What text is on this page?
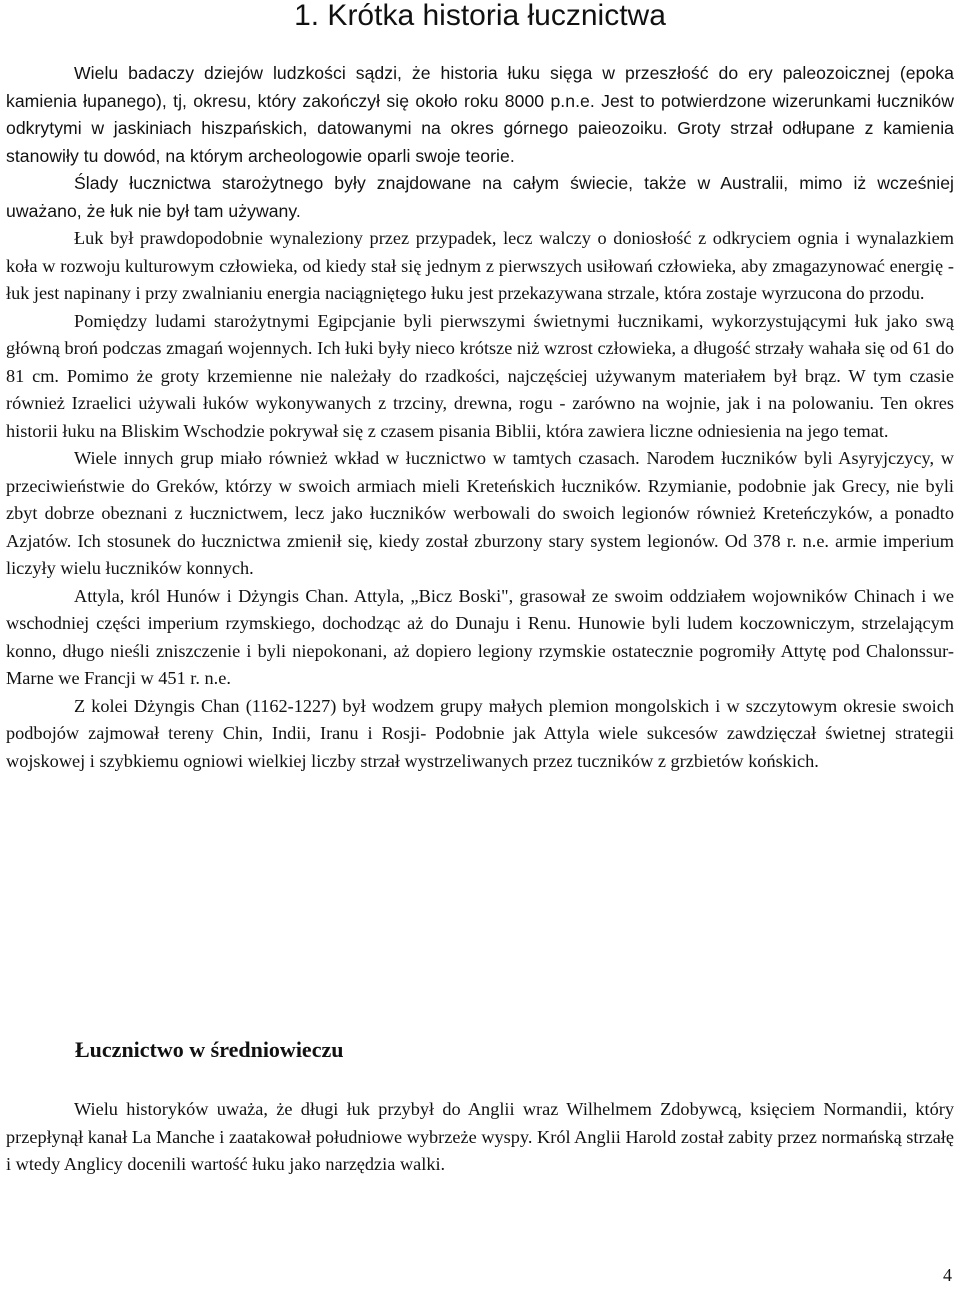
1. Krótka historia łucznictwa

Wielu badaczy dziejów ludzkości sądzi, że historia łuku sięga w przeszłość do ery paleozoicznej (epoka kamienia łupanego), tj, okresu, który zakończył się około roku 8000 p.n.e. Jest to potwierdzone wizerunkami łuczników odkrytymi w jaskiniach hiszpańskich, datowanymi na okres górnego paieozoiku. Groty strzał odłupane z kamienia stanowiły tu dowód, na którym archeologowie oparli swoje teorie.

Ślady łucznictwa starożytnego były znajdowane na całym świecie, także w Australii, mimo iż wcześniej uważano, że łuk nie był tam używany.

Łuk był prawdopodobnie wynaleziony przez przypadek, lecz walczy o doniosłość z odkryciem ognia i wynalazkiem koła w rozwoju kulturowym człowieka, od kiedy stał się jednym z pierwszych usiłowań człowieka, aby zmagazynować energię - łuk jest napinany i przy zwalnianiu energia naciągniętego łuku jest przekazywana strzale, która zostaje wyrzucona do przodu.

Pomiędzy ludami starożytnymi Egipcjanie byli pierwszymi świetnymi łucznikami, wykorzystującymi łuk jako swą główną broń podczas zmagań wojennych. Ich łuki były nieco krótsze niż wzrost człowieka, a długość strzały wahała się od 61 do 81 cm. Pomimo że groty krzemienne nie należały do rzadkości, najczęściej używanym materiałem był brąz. W tym czasie również Izraelici używali łuków wykonywanych z trzciny, drewna, rogu - zarówno na wojnie, jak i na polowaniu. Ten okres historii łuku na Bliskim Wschodzie pokrywał się z czasem pisania Biblii, która zawiera liczne odniesienia na jego temat.

Wiele innych grup miało również wkład w łucznictwo w tamtych czasach. Narodem łuczników byli Asyryjczycy, w przeciwieństwie do Greków, którzy w swoich armiach mieli Kreteńskich łuczników. Rzymianie, podobnie jak Grecy, nie byli zbyt dobrze obeznani z łucznictwem, lecz jako łuczników werbowali do swoich legionów również Kreteńczyków, a ponadto Azjatów. Ich stosunek do łucznictwa zmienił się, kiedy został zburzony stary system legionów. Od 378 r. n.e. armie imperium liczyły wielu łuczników konnych.

Attyla, król Hunów i Dżyngis Chan. Attyla, „Bicz Boski", grasował ze swoim oddziałem wojowników Chinach i we wschodniej części imperium rzymskiego, dochodząc aż do Dunaju i Renu. Hunowie byli ludem koczowniczym, strzelającym konno, długo nieśli zniszczenie i byli niepokonani, aż dopiero legiony rzymskie ostatecznie pogromiły Attytę pod Chalonssur-Marne we Francji w 451 r. n.e.

Z kolei Dżyngis Chan (1162-1227) był wodzem grupy małych plemion mongolskich i w szczytowym okresie swoich podbojów zajmował tereny Chin, Indii, Iranu i Rosji- Podobnie jak Attyla wiele sukcesów zawdzięczał świetnej strategii wojskowej i szybkiemu ogniowi wielkiej liczby strzał wystrzeliwanych przez tuczników z grzbietów końskich.

Łucznictwo w średniowieczu

Wielu historyków uważa, że długi łuk przybył do Anglii wraz Wilhelmem Zdobywcą, księciem Normandii, który przepłynął kanał La Manche i zaatakował południowe wybrzeże wyspy. Król Anglii Harold został zabity przez normańską strzałę i wtedy Anglicy docenili wartość łuku jako narzędzia walki.

4
